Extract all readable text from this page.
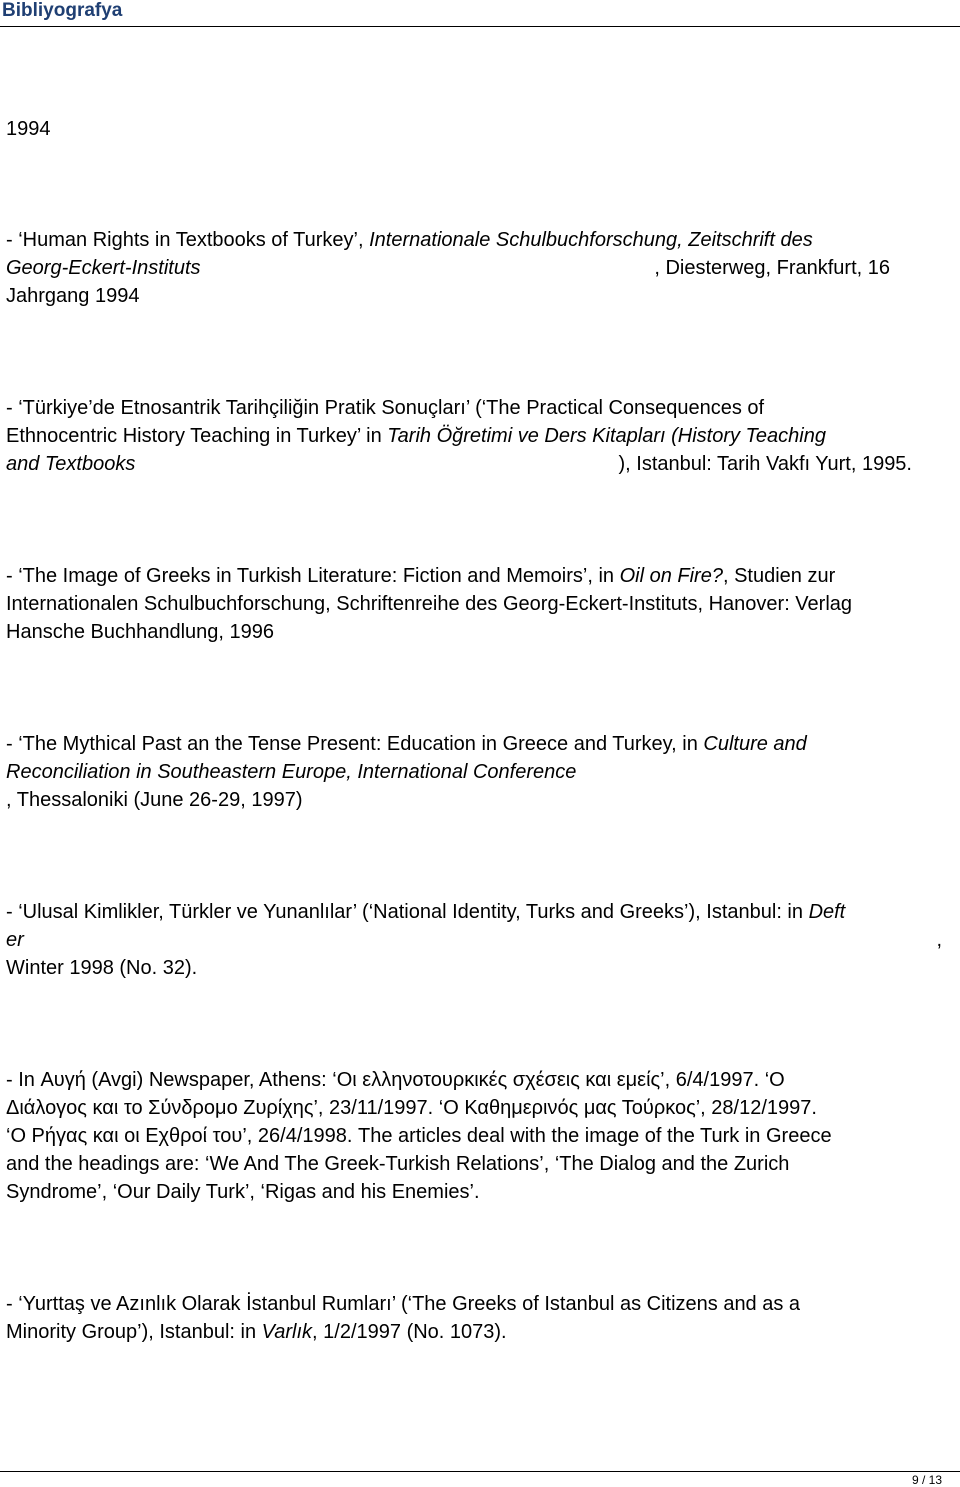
Bibliyografya
1994
- ‘Human Rights in Textbooks of Turkey’, Internationale Schulbuchforschung, Zeitschrift des
Georg-Eckert-Instituts	, Diesterweg, Frankfurt, 16
Jahrgang 1994
- ‘Türkiye’de Etnosantrik Tarihçiliğin Pratik Sonuçları’ (‘The Practical Consequences of
Ethnocentric History Teaching in Turkey’ in Tarih Öğretimi ve Ders Kitapları (History Teaching
and Textbooks	), Istanbul: Tarih Vakfı Yurt, 1995.
- ‘The Image of Greeks in Turkish Literature: Fiction and Memoirs’, in Oil on Fire?, Studien zur
Internationalen Schulbuchforschung, Schriftenreihe des Georg-Eckert-Instituts, Hanover: Verlag
Hansche Buchhandlung, 1996
- ‘The Mythical Past an the Tense Present: Education in Greece and Turkey, in Culture and
Reconciliation in Southeastern Europe, International Conference
, Thessaloniki (June 26-29, 1997)
- ‘Ulusal Kimlikler, Türkler ve Yunanlılar’ (‘National Identity, Turks and Greeks’), Istanbul: in Deft
er	,
Winter 1998 (No. 32).
- In Αυγή (Avgi) Newspaper, Athens: ‘Οι ελληνοτουρκικές σχέσεις και εμείς’, 6/4/1997. ‘Ο
Διάλογος και το Σύνδρομο Ζυρίχης’, 23/11/1997. ‘Ο Καθημερινός μας Τούρκος’, 28/12/1997.
‘Ο Ρήγας και οι Εχθροί του’, 26/4/1998. The articles deal with the image of the Turk in Greece
and the headings are: ‘We And The Greek-Turkish Relations’, ‘The Dialog and the Zurich
Syndrome’, ‘Our Daily Turk’, ‘Rigas and his Enemies’.
- ‘Yurttaş ve Azınlık Olarak İstanbul Rumları’ (‘The Greeks of Istanbul as Citizens and as a
Minority Group’), Istanbul: in Varlık, 1/2/1997 (No. 1073).
9 / 13
